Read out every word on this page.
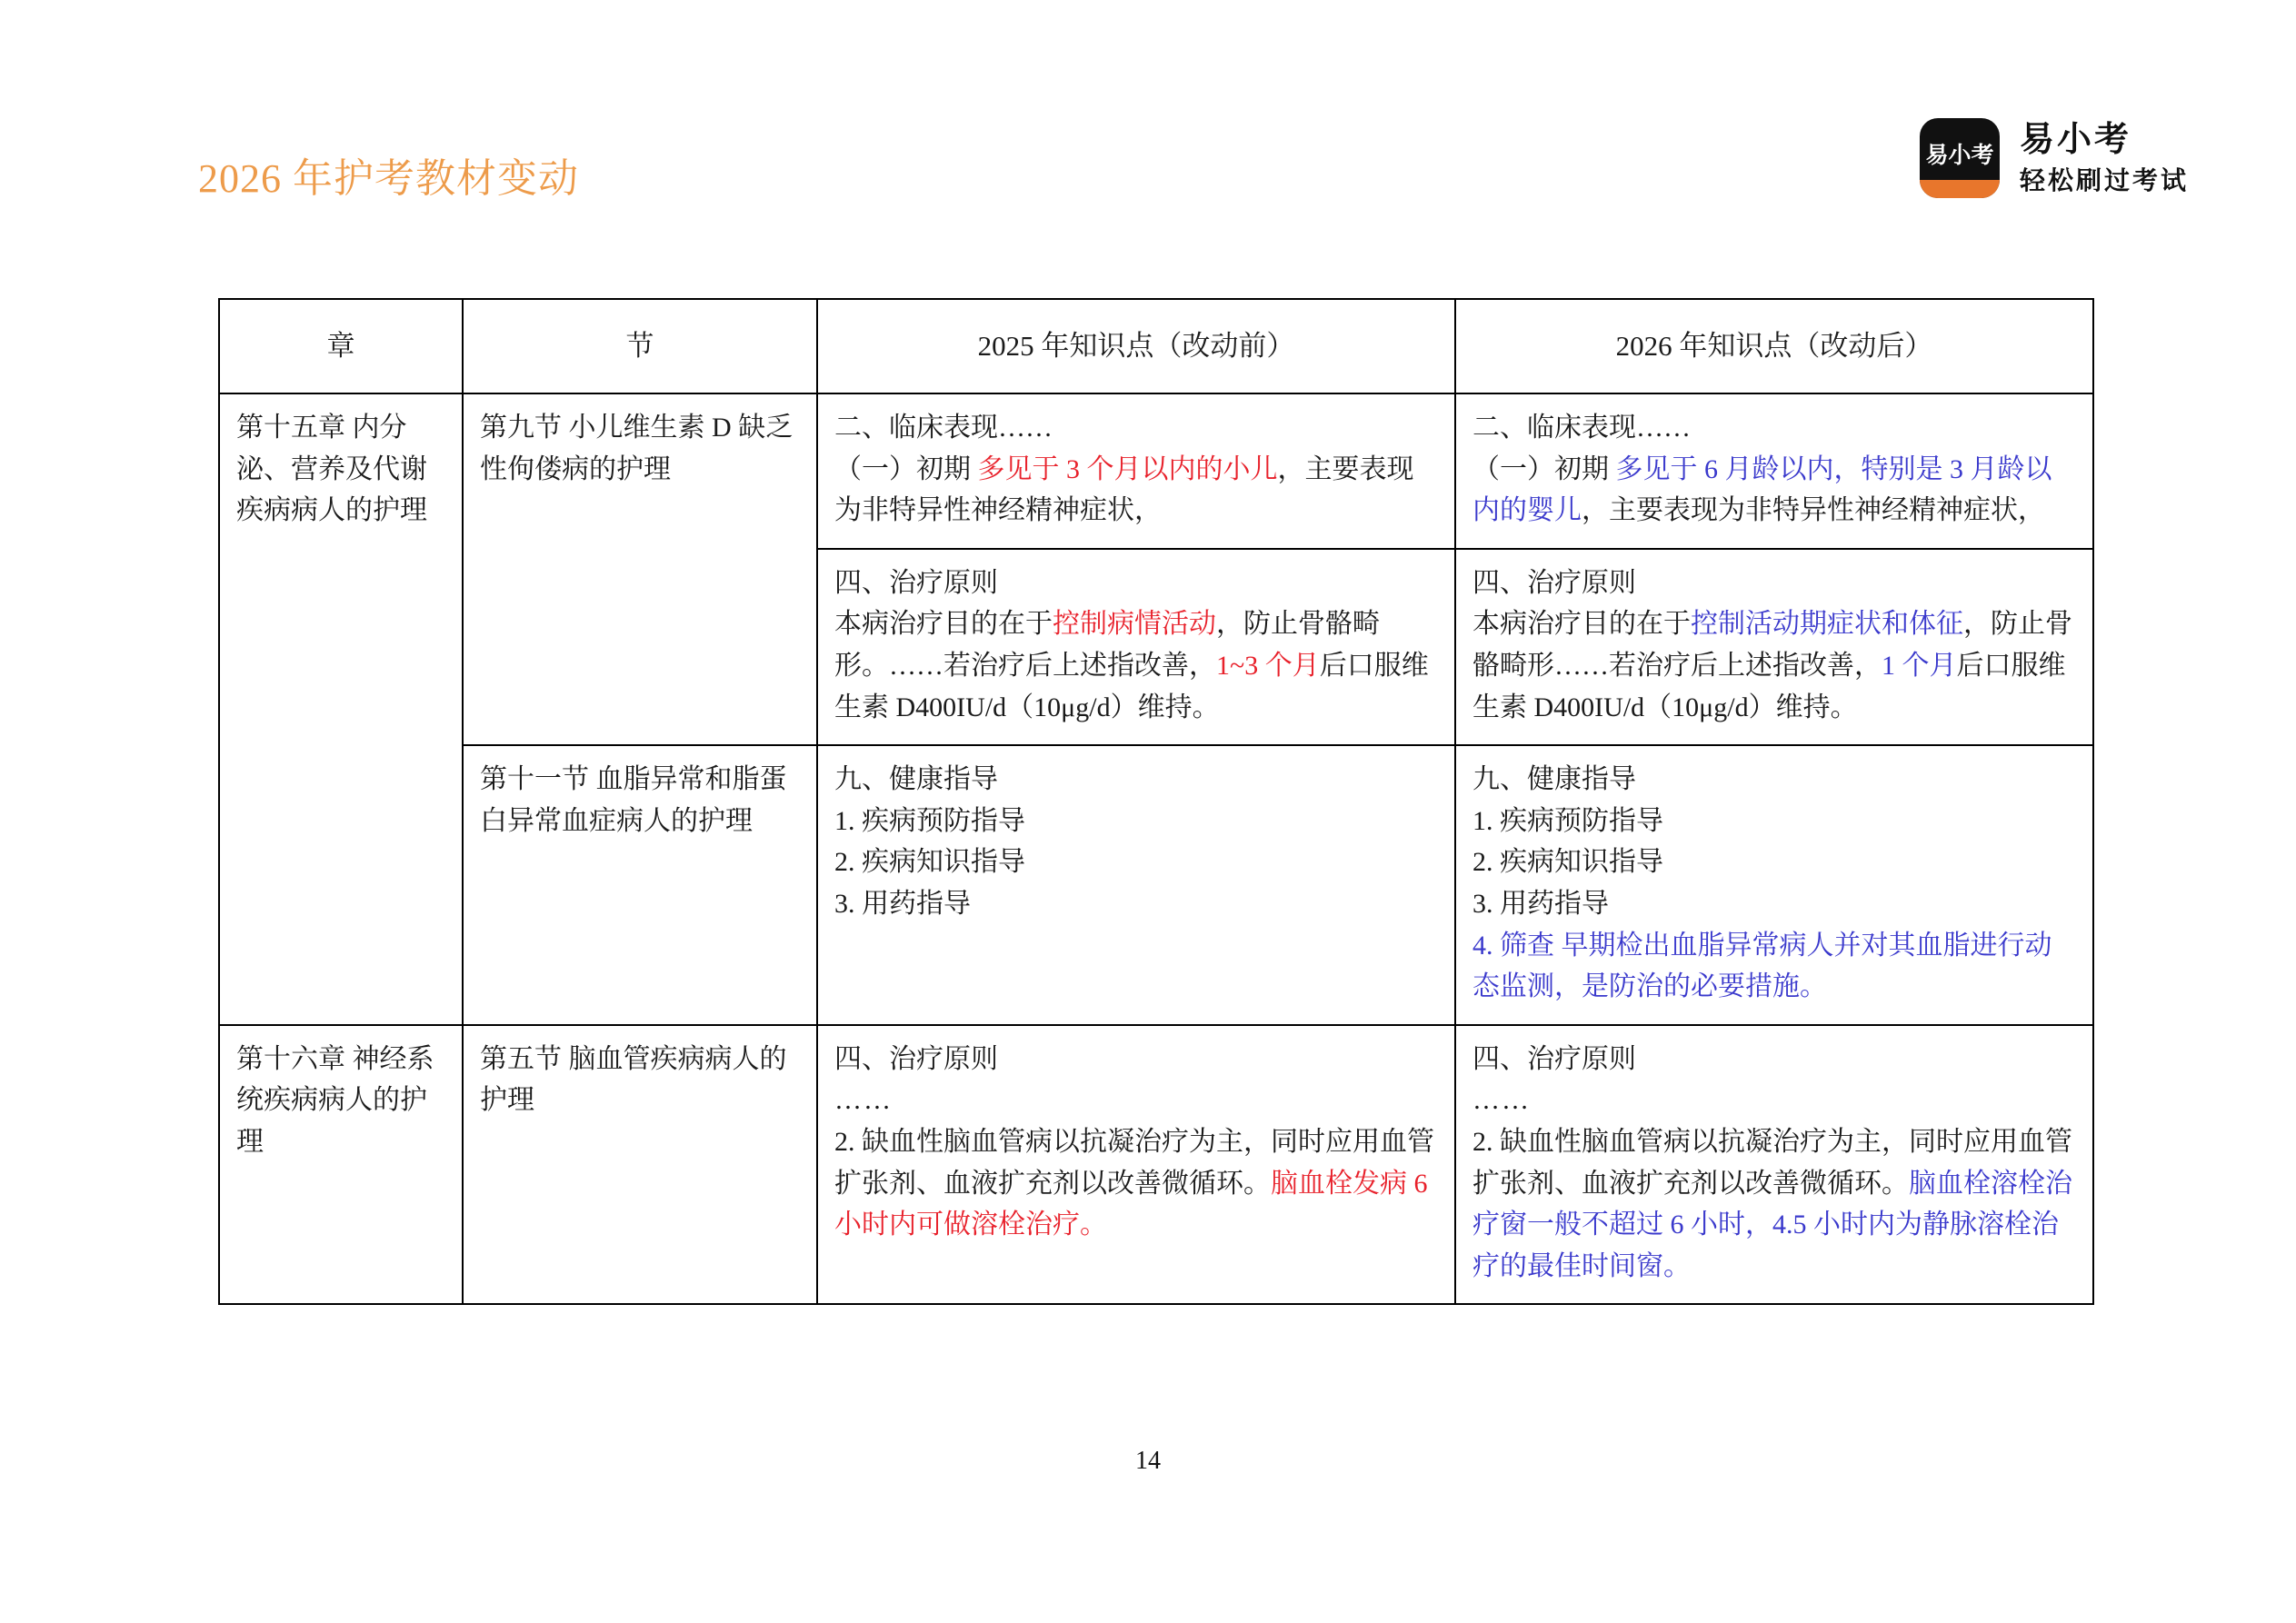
2026 年护考教材变动
易小考 易小考
轻松刷过考试
章	节	2025 年知识点（改动前）	2026 年知识点（改动后）

第十五章 内分泌、营养及代谢疾病病人的护理	第九节 小儿维生素 D 缺乏性佝偻病的护理	二、临床表现……
（一）初期 多见于 3 个月以内的小儿，主要表现为非特异性神经精神症状，	二、临床表现……
（一）初期 多见于 6 月龄以内，特别是 3 月龄以内的婴儿，主要表现为非特异性神经精神症状，

		四、治疗原则
本病治疗目的在于控制病情活动，防止骨骼畸形。……若治疗后上述指改善，1~3 个月后口服维生素 D400IU/d（10μg/d）维持。	四、治疗原则
本病治疗目的在于控制活动期症状和体征，防止骨骼畸形……若治疗后上述指改善，1 个月后口服维生素 D400IU/d（10μg/d）维持。

	第十一节 血脂异常和脂蛋白异常血症病人的护理	九、健康指导
1. 疾病预防指导
2. 疾病知识指导
3. 用药指导	九、健康指导
1. 疾病预防指导
2. 疾病知识指导
3. 用药指导
4. 筛查 早期检出血脂异常病人并对其血脂进行动态监测，是防治的必要措施。

第十六章 神经系统疾病病人的护理	第五节 脑血管疾病病人的护理	四、治疗原则
……
2. 缺血性脑血管病以抗凝治疗为主，同时应用血管扩张剂、血液扩充剂以改善微循环。脑血栓发病 6 小时内可做溶栓治疗。	四、治疗原则
……
2. 缺血性脑血管病以抗凝治疗为主，同时应用血管扩张剂、血液扩充剂以改善微循环。脑血栓溶栓治疗窗一般不超过 6 小时，4.5 小时内为静脉溶栓治疗的最佳时间窗。
14
